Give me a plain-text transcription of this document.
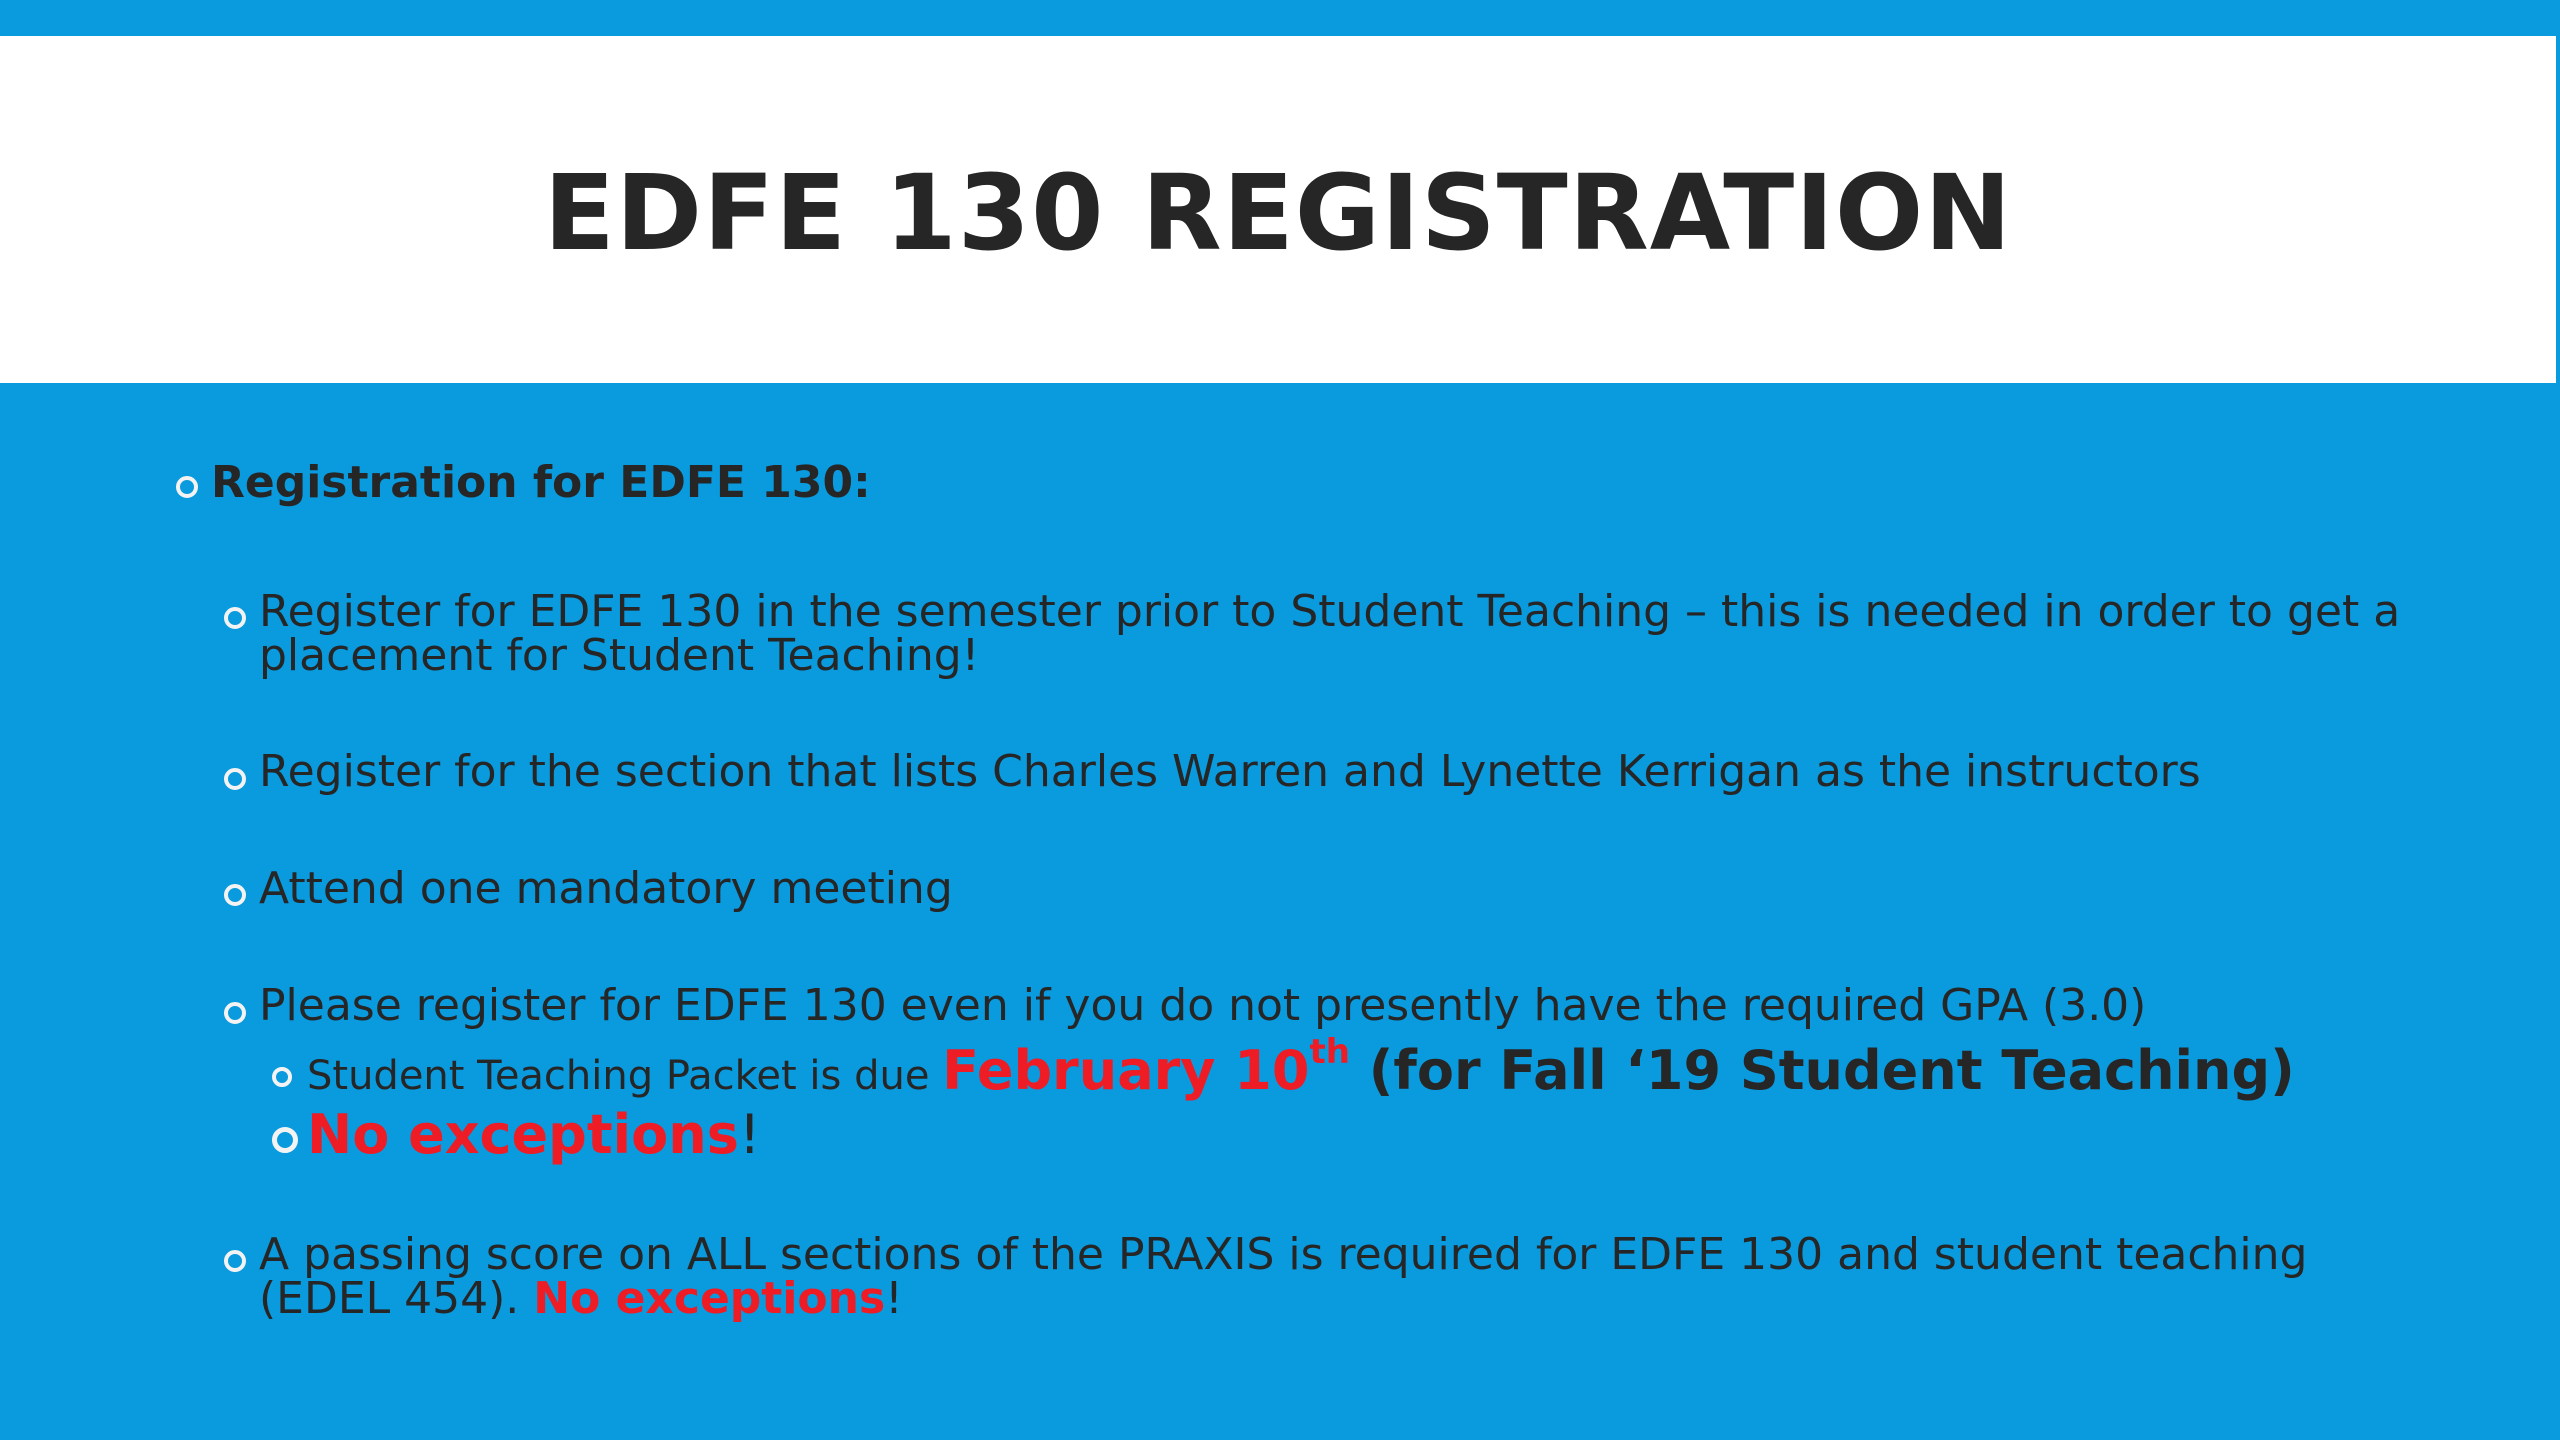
EDFE 130 REGISTRATION
Registration for EDFE 130:
Register for EDFE 130 in the semester prior to Student Teaching – this is needed in order to get a
placement for Student Teaching!
Register for the section that lists Charles Warren and Lynette Kerrigan as the instructors
Attend one mandatory meeting
Please register for EDFE 130 even if you do not presently have the required GPA (3.0)
Student Teaching Packet is due February 10th (for Fall ‘19 Student Teaching)
No exceptions!
A passing score on ALL sections of the PRAXIS is required for EDFE 130 and student teaching
(EDEL 454). No exceptions!
